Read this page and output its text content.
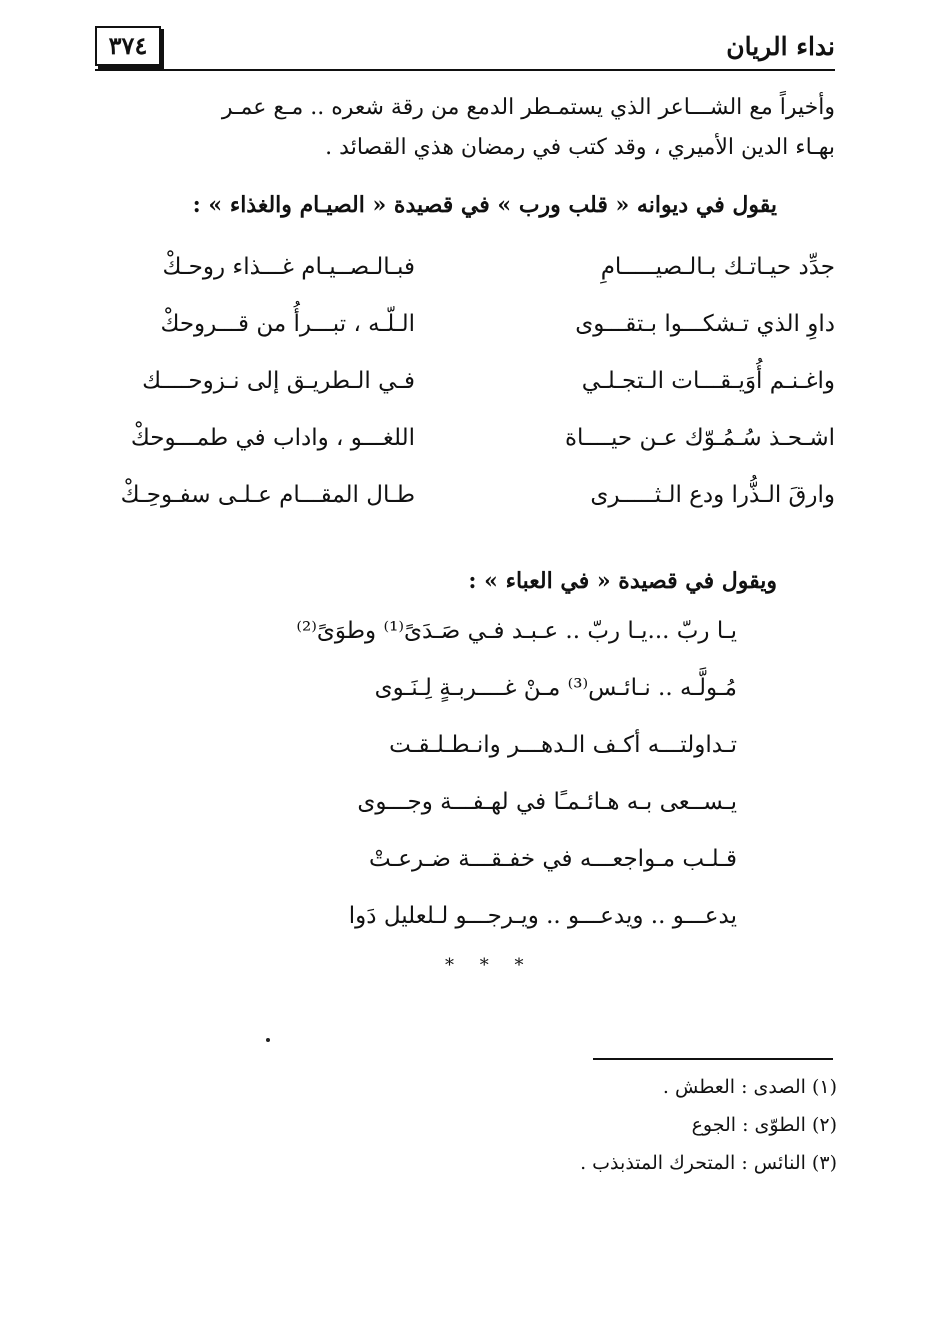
نداء الريان
٣٧٤
وأخيراً مع الشـــاعر الذي يستمـطر الدمع من رقة شعره .. مـع عمـر
بهـاء الدين الأميري ، وقد كتب في رمضان هذي القصائد .
يقول في ديوانه « قلب ورب » في قصيدة « الصيـام والغذاء » :
جدِّد حيـاتـك بـالـصيـــــامِ
فبـالـصــيـام غـــذاء روحـكْ
داوِ الذي تـشكـــوا بـتقـــوى
الـلّـه ، تبـــرأُ من قـــروحكْ
واغـنـم أُوَيـقـــات الـتجـلـي
فـي الـطريـق إلى نـزوحــــك
اشـحـذ سُـمُـوّك عـن حيــــاة
اللغـــو ، واداب في طمـــوحكْ
وارقَ الـذُّرا ودع الـثـــــرى
طـال المقـــام عـلـى سفـوحِـكْ
ويقول في قصيدة « في العباء » :
يـا ربّ ...يـا ربّ .. عـبـد فـي صَـدَىً⁽¹⁾ وطوَىً⁽²⁾
مُـولَّـه .. نـائـس⁽³⁾ مـنْ غــــربـةٍ لِـنَـوى
تـداولتـــه أكـف الـدهـــر وانـطـلـقـت
يـســعى بـه هـائـمـًا في لهـفـــة وجـــوى
قـلـب مـواجعـــه في خفـقـــة ضـرعـتْ
يدعـــو .. ويدعـــو .. ويـرجـــو لـلعليل دَوا
* * *
(١) الصدى : العطش .
(٢) الطوّى : الجوع
(٣) النائس : المتحرك المتذبذب .
